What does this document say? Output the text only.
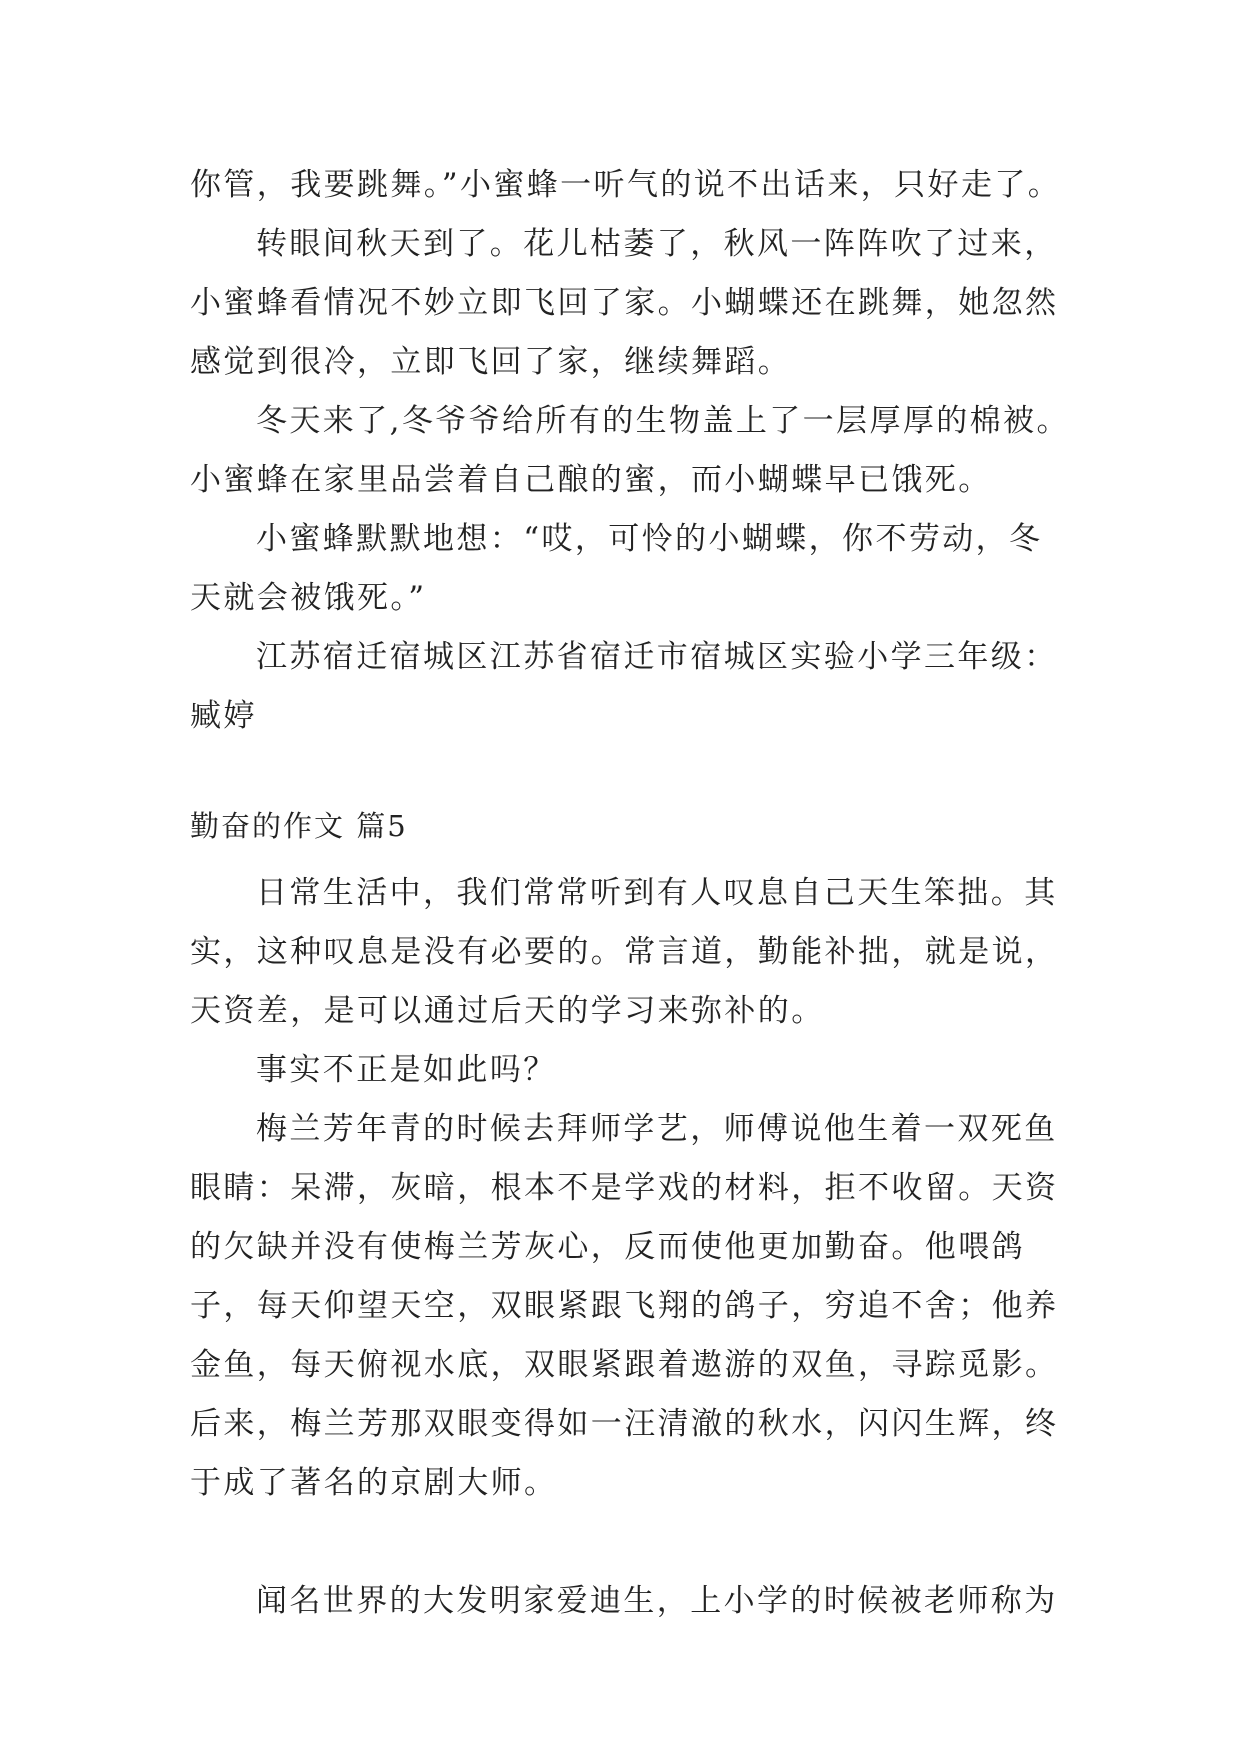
你管，我要跳舞。”小蜜蜂一听气的说不出话来，只好走了。

转眼间秋天到了。花儿枯萎了，秋风一阵阵吹了过来，小蜜蜂看情况不妙立即飞回了家。小蝴蝶还在跳舞，她忽然感觉到很冷，立即飞回了家，继续舞蹈。

冬天来了,冬爷爷给所有的生物盖上了一层厚厚的棉被。小蜜蜂在家里品尝着自己酿的蜜，而小蝴蝶早已饿死。

小蜜蜂默默地想：“哎，可怜的小蝴蝶，你不劳动，冬天就会被饿死。”

江苏宿迁宿城区江苏省宿迁市宿城区实验小学三年级：臧婷

勤奋的作文 篇5

日常生活中，我们常常听到有人叹息自己天生笨拙。其实，这种叹息是没有必要的。常言道，勤能补拙，就是说，天资差，是可以通过后天的学习来弥补的。

事实不正是如此吗？

梅兰芳年青的时候去拜师学艺，师傅说他生着一双死鱼眼睛：呆滞，灰暗，根本不是学戏的材料，拒不收留。天资的欠缺并没有使梅兰芳灰心，反而使他更加勤奋。他喂鸽子，每天仰望天空，双眼紧跟飞翔的鸽子，穷追不舍；他养金鱼，每天俯视水底，双眼紧跟着遨游的双鱼，寻踪觅影。后来，梅兰芳那双眼变得如一汪清澈的秋水，闪闪生辉，终于成了著名的京剧大师。

闻名世界的大发明家爱迪生，上小学的时候被老师称为
